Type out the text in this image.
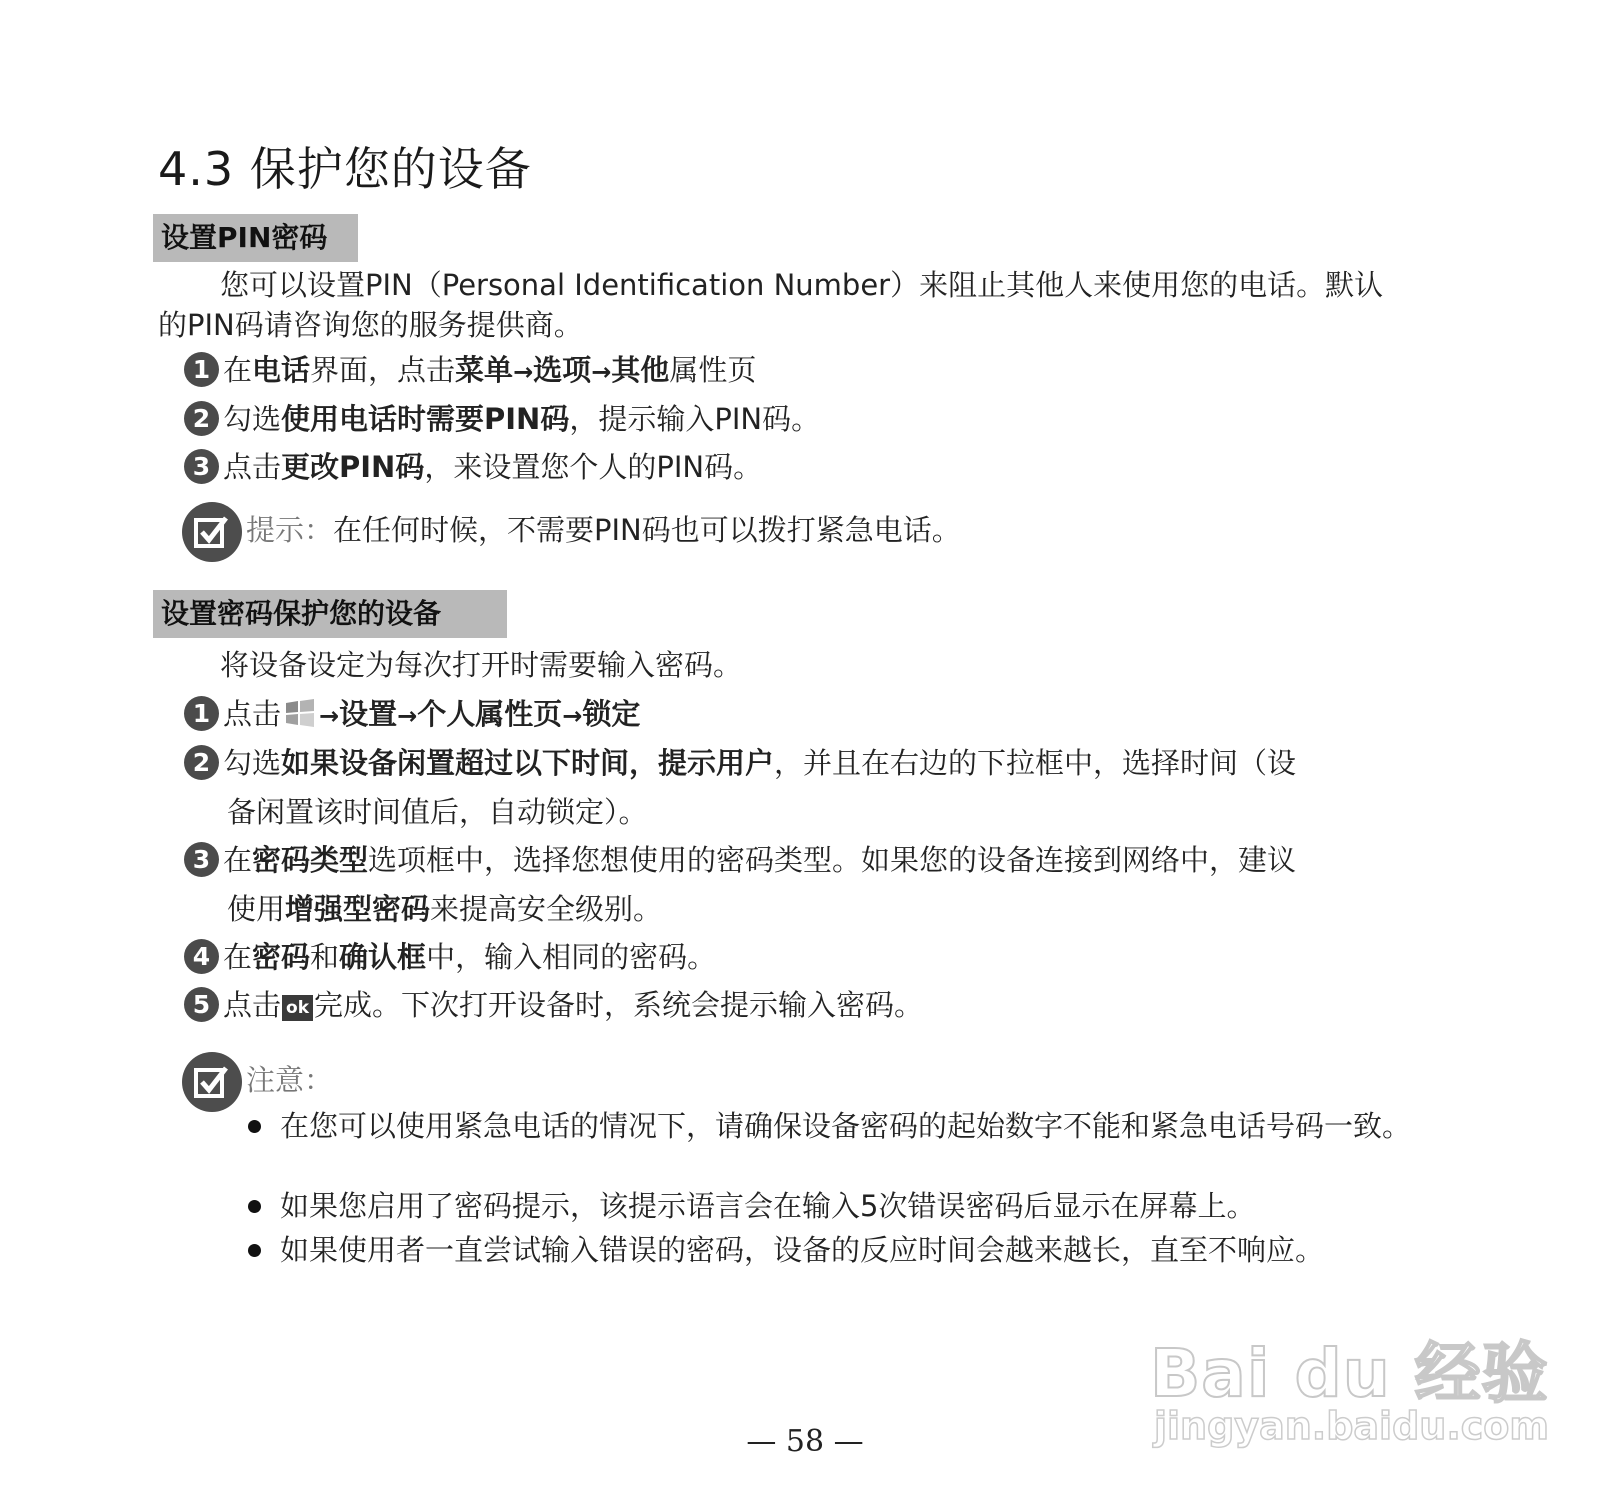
4.3 保护您的设备
设置PIN密码
您可以设置PIN（Personal Identification Number）来阻止其他人来使用您的电话。默认
的PIN码请咨询您的服务提供商。
1 在电话界面，点击菜单→选项→其他属性页
2 勾选使用电话时需要PIN码，提示输入PIN码。
3 点击更改PIN码，来设置您个人的PIN码。
提示：在任何时候，不需要PIN码也可以拨打紧急电话。
设置密码保护您的设备
将设备设定为每次打开时需要输入密码。
1 点击 →设置→个人属性页→锁定
2 勾选如果设备闲置超过以下时间，提示用户，并且在右边的下拉框中，选择时间（设
备闲置该时间值后，自动锁定）。
3 在密码类型选项框中，选择您想使用的密码类型。如果您的设备连接到网络中，建议
使用增强型密码来提高安全级别。
4 在密码和确认框中，输入相同的密码。
5 点击 ok 完成。下次打开设备时，系统会提示输入密码。
注意：
在您可以使用紧急电话的情况下，请确保设备密码的起始数字不能和紧急电话号码一致。
如果您启用了密码提示，该提示语言会在输入5次错误密码后显示在屏幕上。
如果使用者一直尝试输入错误的密码，设备的反应时间会越来越长，直至不响应。
— 58 —
Bai du 经验
jingyan.baidu.com
